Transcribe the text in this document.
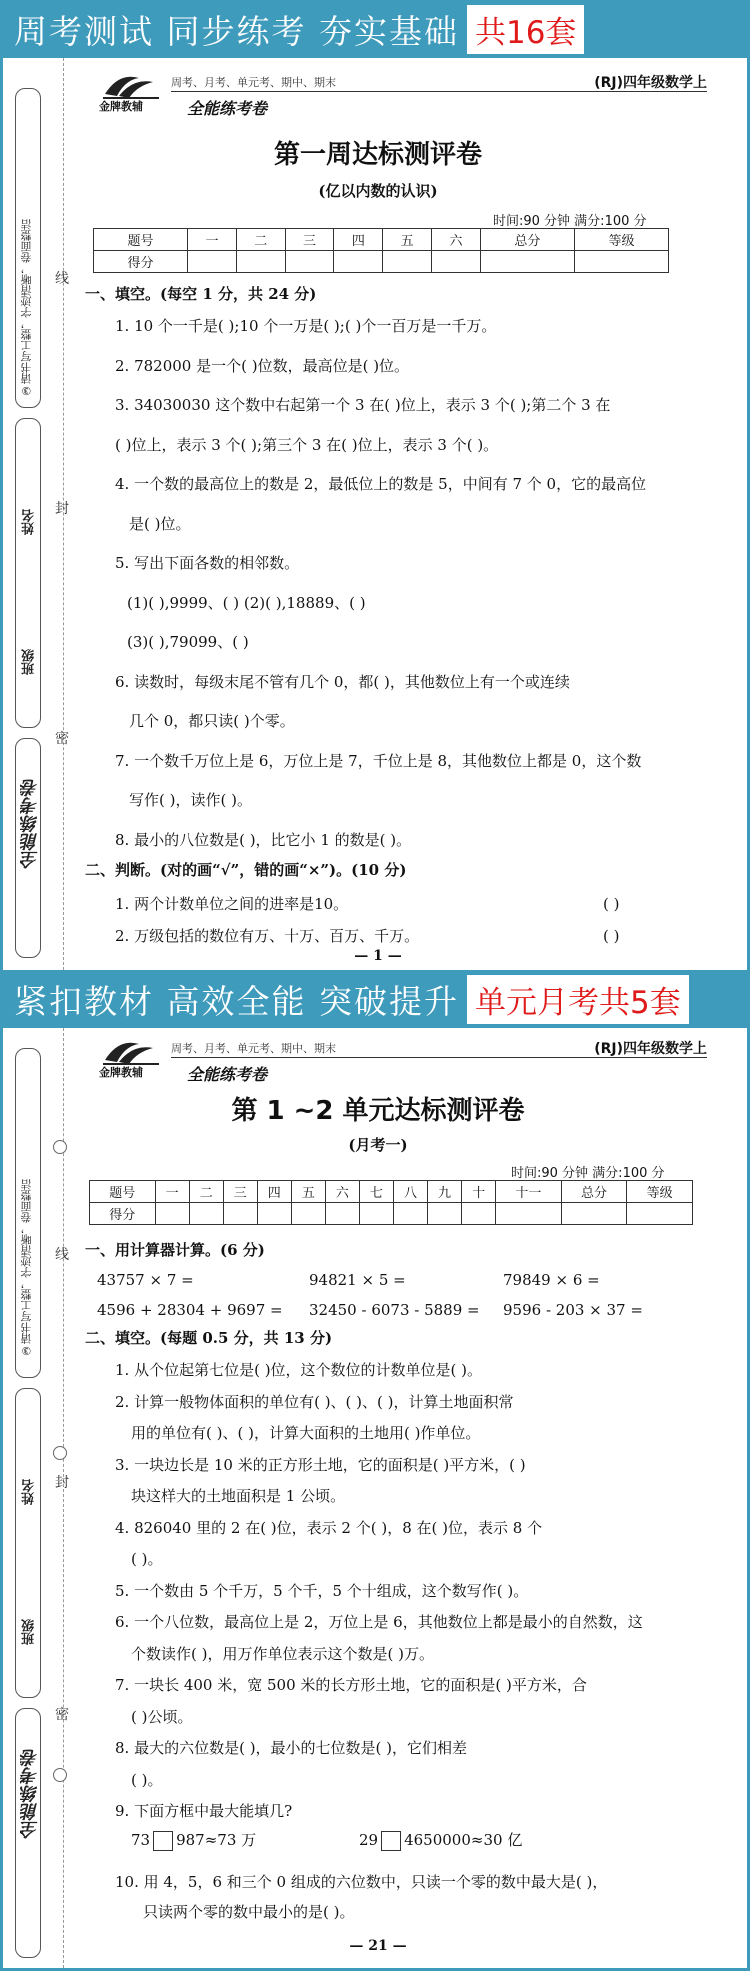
周考测试 同步练考 夯实基础 共16套
③请书写工整，字迹清晰，卷面整洁
姓名
班级
全能练考卷
线
封
密
金牌教辅
周考、月考、单元考、期中、期末
全能练考卷
(RJ)四年级数学上
第一周达标测评卷
(亿以内数的认识)
时间:90 分钟 满分:100 分
题号	一	二	三	四	五	六	总分	等级
得分								
一、填空。(每空 1 分，共 24 分)
二、判断。(对的画“√”，错的画“×”)。(10 分)
1. 两个计数单位之间的进率是10。	( )
2. 万级包括的数位有万、十万、百万、千万。	( )
— 1 —
1. 10 个一千是( );10 个一万是( );( )个一百万是一千万。
2. 782000 是一个( )位数，最高位是( )位。
3. 34030030 这个数中右起第一个 3 在( )位上，表示 3 个( );第二个 3 在
( )位上，表示 3 个( );第三个 3 在( )位上，表示 3 个( )。
4. 一个数的最高位上的数是 2，最低位上的数是 5，中间有 7 个 0，它的最高位
是( )位。
5. 写出下面各数的相邻数。
(1)( ),9999、( ) (2)( ),18889、( )
(3)( ),79099、( )
6. 读数时，每级末尾不管有几个 0，都( )，其他数位上有一个或连续
几个 0，都只读( )个零。
7. 一个数千万位上是 6，万位上是 7，千位上是 8，其他数位上都是 0，这个数
写作( )，读作( )。
8. 最小的八位数是( )，比它小 1 的数是( )。
紧扣教材 高效全能 突破提升 单元月考共5套
③请书写工整，字迹清晰，卷面整洁
姓名
班级
全能练考卷
线
封
密
金牌教辅
周考、月考、单元考、期中、期末
全能练考卷
(RJ)四年级数学上
第 1 ~2 单元达标测评卷
(月考一)
时间:90 分钟 满分:100 分
题号	一	二	三	四	五	六	七	八	九	十	十一	总分	等级
得分													
一、用计算器计算。(6 分)
43757 × 7 =	94821 × 5 =	79849 × 6 =
4596 + 28304 + 9697 = 32450 - 6073 - 5889 = 9596 - 203 × 37 =
二、填空。(每题 0.5 分，共 13 分)
73 987≈73 万	29 4650000≈30 亿
10. 用 4，5，6 和三个 0 组成的六位数中，只读一个零的数中最大是( )，
只读两个零的数中最小的是( )。
— 21 —
1. 从个位起第七位是( )位，这个数位的计数单位是( )。
2. 计算一般物体面积的单位有( )、( )、( )，计算土地面积常
用的单位有( )、( )，计算大面积的土地用( )作单位。
3. 一块边长是 10 米的正方形土地，它的面积是( )平方米，( )
块这样大的土地面积是 1 公顷。
4. 826040 里的 2 在( )位，表示 2 个( )，8 在( )位，表示 8 个
( )。
5. 一个数由 5 个千万，5 个千，5 个十组成，这个数写作( )。
6. 一个八位数，最高位上是 2，万位上是 6，其他数位上都是最小的自然数，这
个数读作( )，用万作单位表示这个数是( )万。
7. 一块长 400 米，宽 500 米的长方形土地，它的面积是( )平方米，合
( )公顷。
8. 最大的六位数是( )，最小的七位数是( )，它们相差
( )。
9. 下面方框中最大能填几?
